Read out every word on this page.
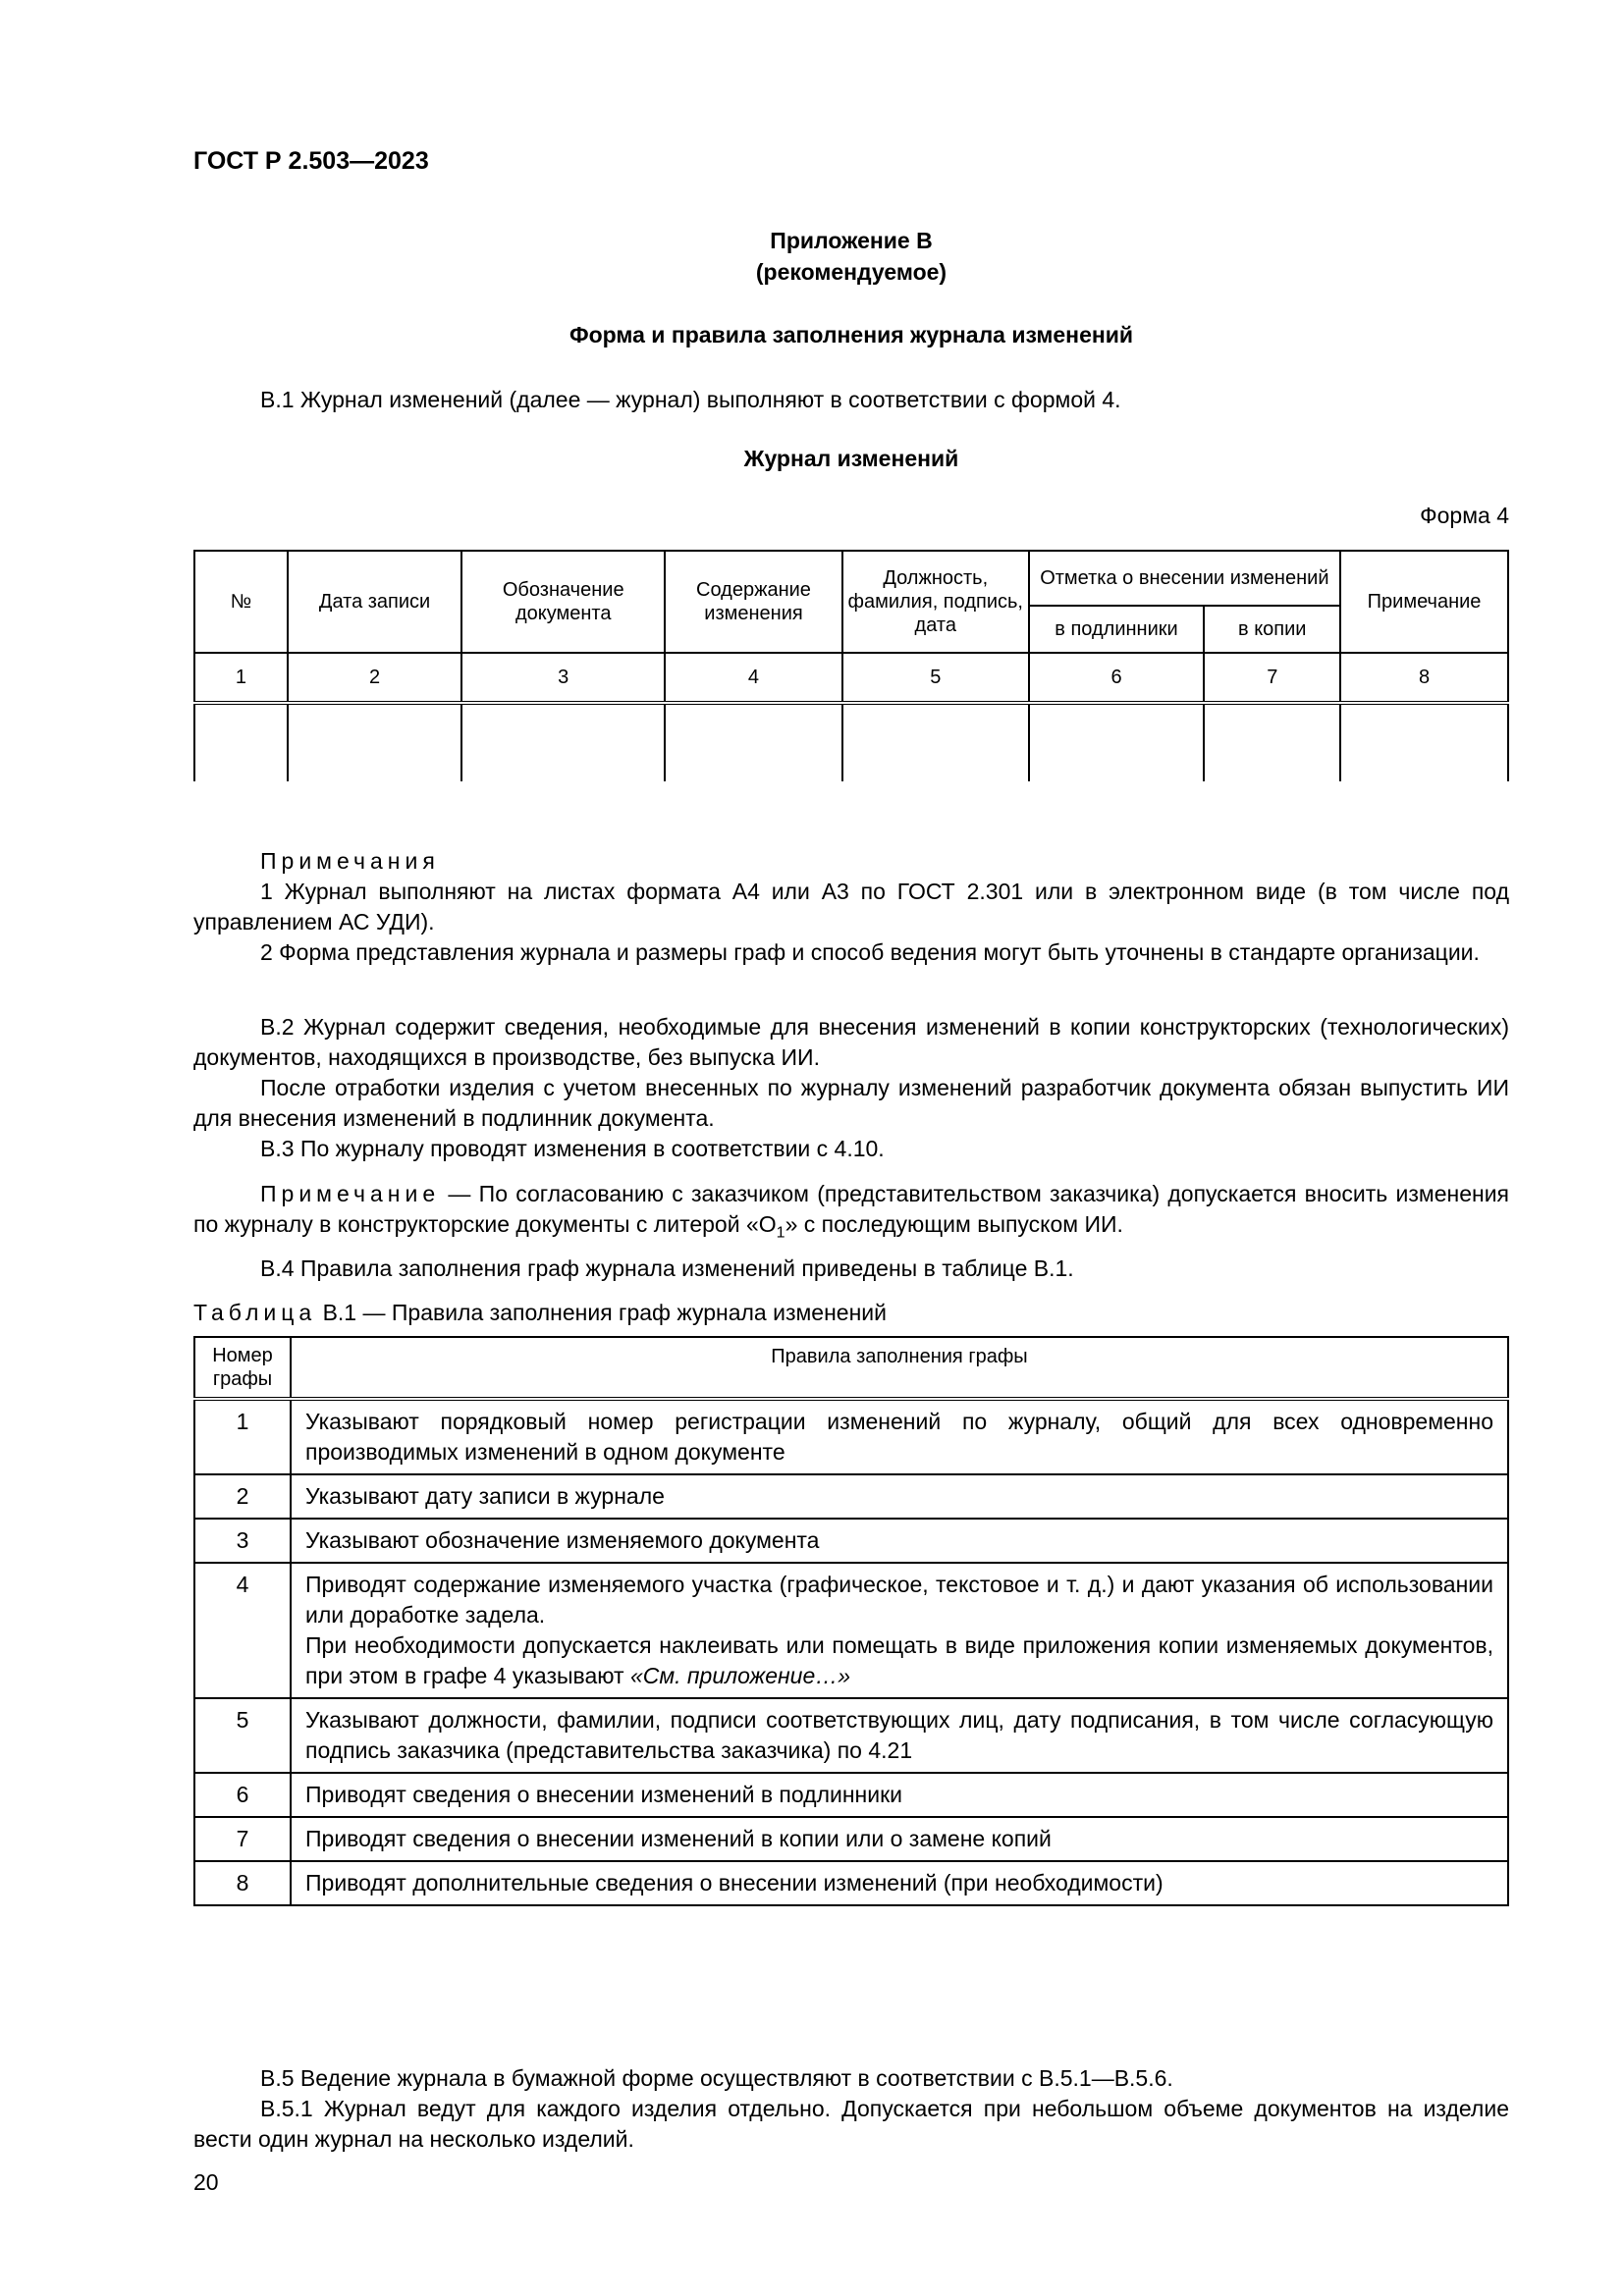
ГОСТ Р 2.503—2023
Приложение В
(рекомендуемое)
Форма и правила заполнения журнала изменений
В.1 Журнал изменений (далее — журнал) выполняют в соответствии с формой 4.
Журнал изменений
Форма 4
№	Дата записи	Обозначение документа	Содержание изменения	Должность, фамилия, подпись, дата	Отметка о внесении изменений		Примечание
					в подлинники	в копии	
1	2	3	4	5	6	7	8

Примечания
1 Журнал выполняют на листах формата А4 или А3 по ГОСТ 2.301 или в электронном виде (в том числе под управлением АС УДИ).
2 Форма представления журнала и размеры граф и способ ведения могут быть уточнены в стандарте организации.
В.2 Журнал содержит сведения, необходимые для внесения изменений в копии конструкторских (технологических) документов, находящихся в производстве, без выпуска ИИ.
После отработки изделия с учетом внесенных по журналу изменений разработчик документа обязан выпустить ИИ для внесения изменений в подлинник документа.
В.3 По журналу проводят изменения в соответствии с 4.10.
Примечание — По согласованию с заказчиком (представительством заказчика) допускается вносить изменения по журналу в конструкторские документы с литерой «$О_1$» с последующим выпуском ИИ.
В.4 Правила заполнения граф журнала изменений приведены в таблице В.1.
Таблица В.1 — Правила заполнения граф журнала изменений
Номер графы	Правила заполнения графы
1	Указывают порядковый номер регистрации изменений по журналу, общий для всех одновременно производимых изменений в одном документе
2	Указывают дату записи в журнале
3	Указывают обозначение изменяемого документа
4	Приводят содержание изменяемого участка (графическое, текстовое и т. д.) и дают указания об использовании или доработке задела.
При необходимости допускается наклеивать или помещать в виде приложения копии изменяемых документов, при этом в графе 4 указывают «См. приложение…»

5	Указывают должности, фамилии, подписи соответствующих лиц, дату подписания, в том числе согласующую подпись заказчика (представительства заказчика) по 4.21
6	Приводят сведения о внесении изменений в подлинники
7	Приводят сведения о внесении изменений в копии или о замене копий
8	Приводят дополнительные сведения о внесении изменений (при необходимости)
В.5 Ведение журнала в бумажной форме осуществляют в соответствии с В.5.1—В.5.6.
В.5.1 Журнал ведут для каждого изделия отдельно. Допускается при небольшом объеме документов на изделие вести один журнал на несколько изделий.
20
